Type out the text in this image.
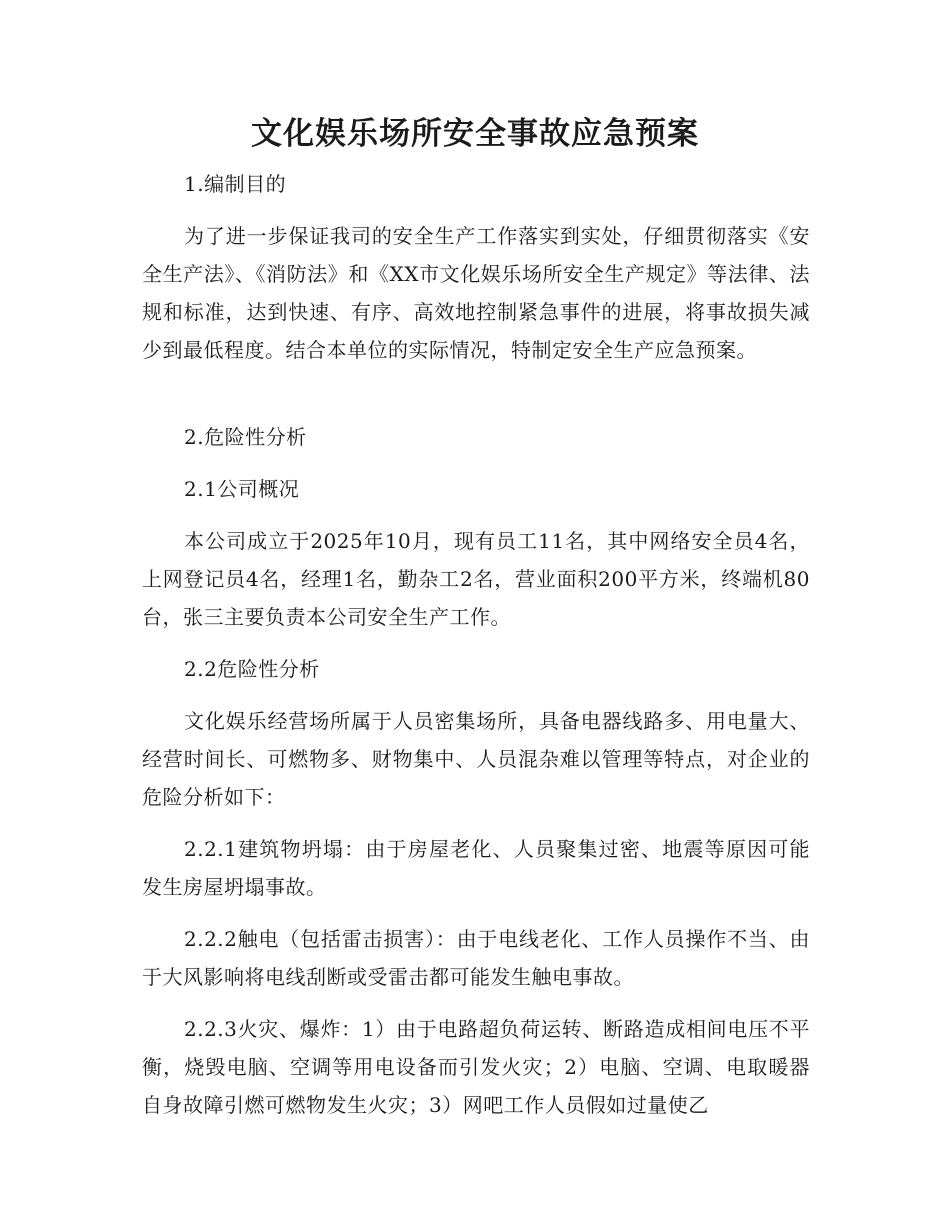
文化娱乐场所安全事故应急预案

1.编制目的

为了进一步保证我司的安全生产工作落实到实处，仔细贯彻落实《安全生产法》、《消防法》和《XX市文化娱乐场所安全生产规定》等法律、法规和标准，达到快速、有序、高效地控制紧急事件的进展，将事故损失减少到最低程度。结合本单位的实际情况，特制定安全生产应急预案。

2.危险性分析

2.1公司概况

本公司成立于2025年10月，现有员工11名，其中网络安全员4名，上网登记员4名，经理1名，勤杂工2名，营业面积200平方米，终端机80台，张三主要负责本公司安全生产工作。

2.2危险性分析

文化娱乐经营场所属于人员密集场所，具备电器线路多、用电量大、经营时间长、可燃物多、财物集中、人员混杂难以管理等特点，对企业的危险分析如下：

2.2.1建筑物坍塌：由于房屋老化、人员聚集过密、地震等原因可能发生房屋坍塌事故。

2.2.2触电（包括雷击损害）：由于电线老化、工作人员操作不当、由于大风影响将电线刮断或受雷击都可能发生触电事故。

2.2.3火灾、爆炸：1）由于电路超负荷运转、断路造成相间电压不平衡，烧毁电脑、空调等用电设备而引发火灾；2）电脑、空调、电取暖器自身故障引燃可燃物发生火灾；3）网吧工作人员假如过量使乙
